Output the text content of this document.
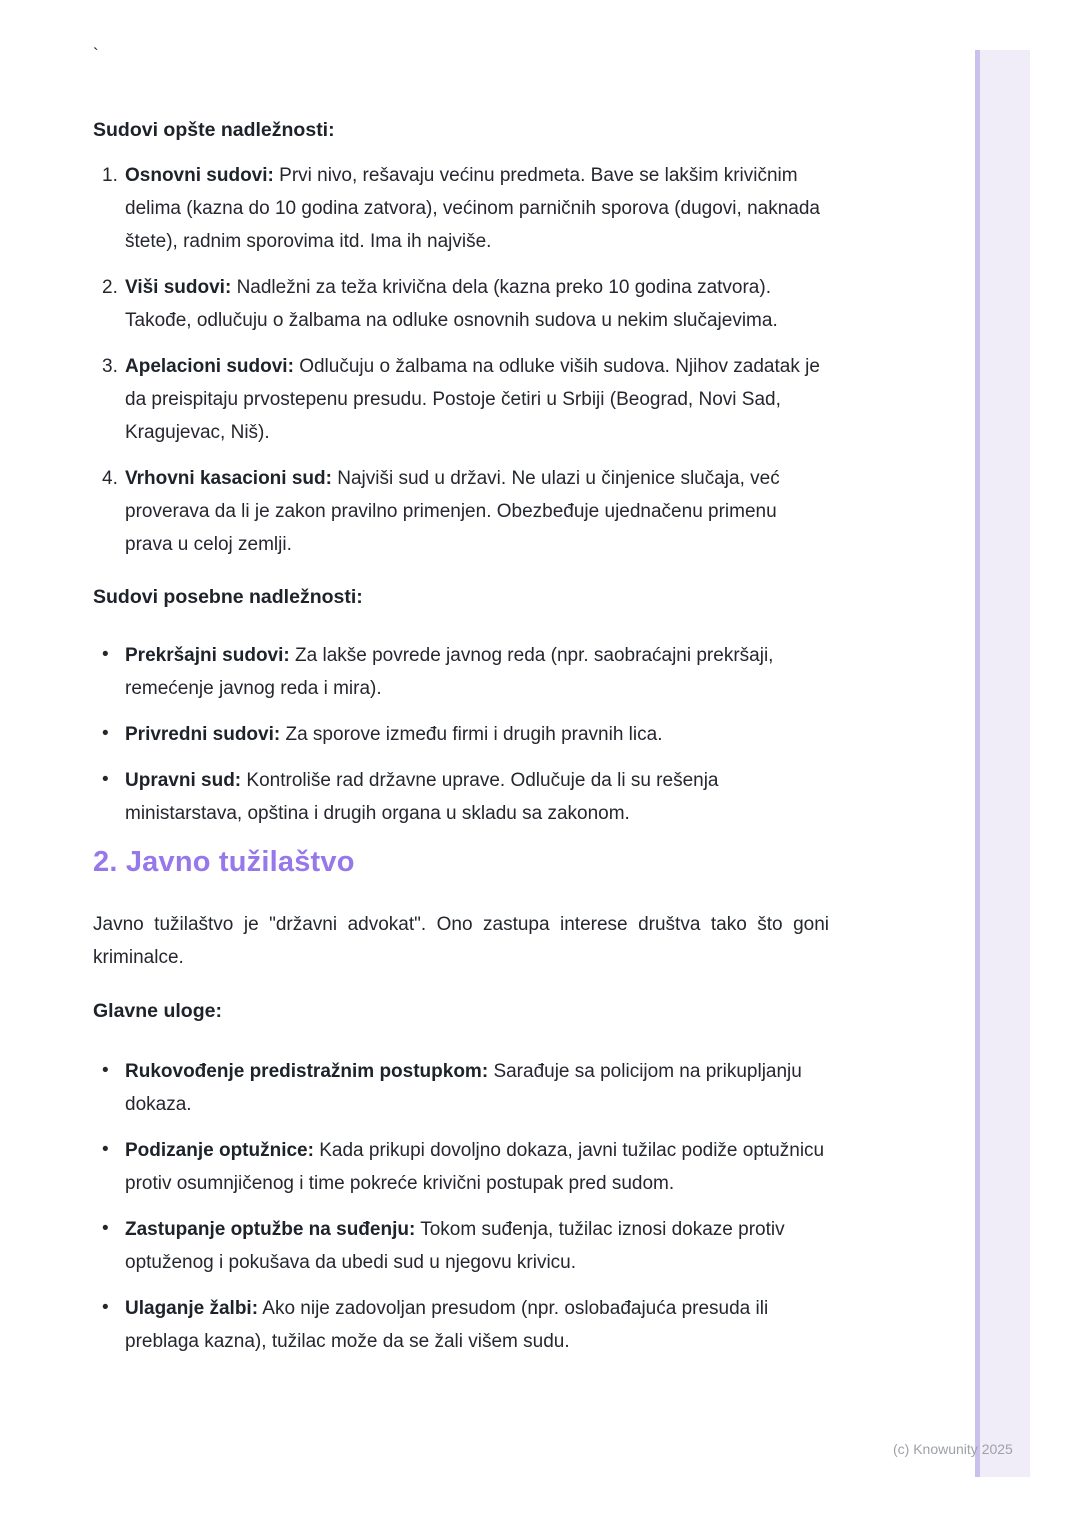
`
Sudovi opšte nadležnosti:
1. Osnovni sudovi: Prvi nivo, rešavaju većinu predmeta. Bave se lakšim krivičnim delima (kazna do 10 godina zatvora), većinom parničnih sporova (dugovi, naknada štete), radnim sporovima itd. Ima ih najviše.
2. Viši sudovi: Nadležni za teža krivična dela (kazna preko 10 godina zatvora). Takođe, odlučuju o žalbama na odluke osnovnih sudova u nekim slučajevima.
3. Apelacioni sudovi: Odlučuju o žalbama na odluke viših sudova. Njihov zadatak je da preispitaju prvostepenu presudu. Postoje četiri u Srbiji (Beograd, Novi Sad, Kragujevac, Niš).
4. Vrhovni kasacioni sud: Najviši sud u državi. Ne ulazi u činjenice slučaja, već proverava da li je zakon pravilno primenjen. Obezbeđuje ujednačenu primenu prava u celoj zemlji.
Sudovi posebne nadležnosti:
• Prekršajni sudovi: Za lakše povrede javnog reda (npr. saobraćajni prekršaji, remećenje javnog reda i mira).
• Privredni sudovi: Za sporove između firmi i drugih pravnih lica.
• Upravni sud: Kontroliše rad državne uprave. Odlučuje da li su rešenja ministarstava, opština i drugih organa u skladu sa zakonom.
2. Javno tužilaštvo

Javno tužilaštvo je "državni advokat". Ono zastupa interese društva tako što goni kriminalce.

Glavne uloge:
• Rukovođenje predistražnim postupkom: Sarađuje sa policijom na prikupljanju dokaza.
• Podizanje optužnice: Kada prikupi dovoljno dokaza, javni tužilac podiže optužnicu protiv osumnjičenog i time pokreće krivični postupak pred sudom.
• Zastupanje optužbe na suđenju: Tokom suđenja, tužilac iznosi dokaze protiv optuženog i pokušava da ubedi sud u njegovu krivicu.
• Ulaganje žalbi: Ako nije zadovoljan presudom (npr. oslobađajuća presuda ili preblaga kazna), tužilac može da se žali višem sudu.
(c) Knowunity 2025
